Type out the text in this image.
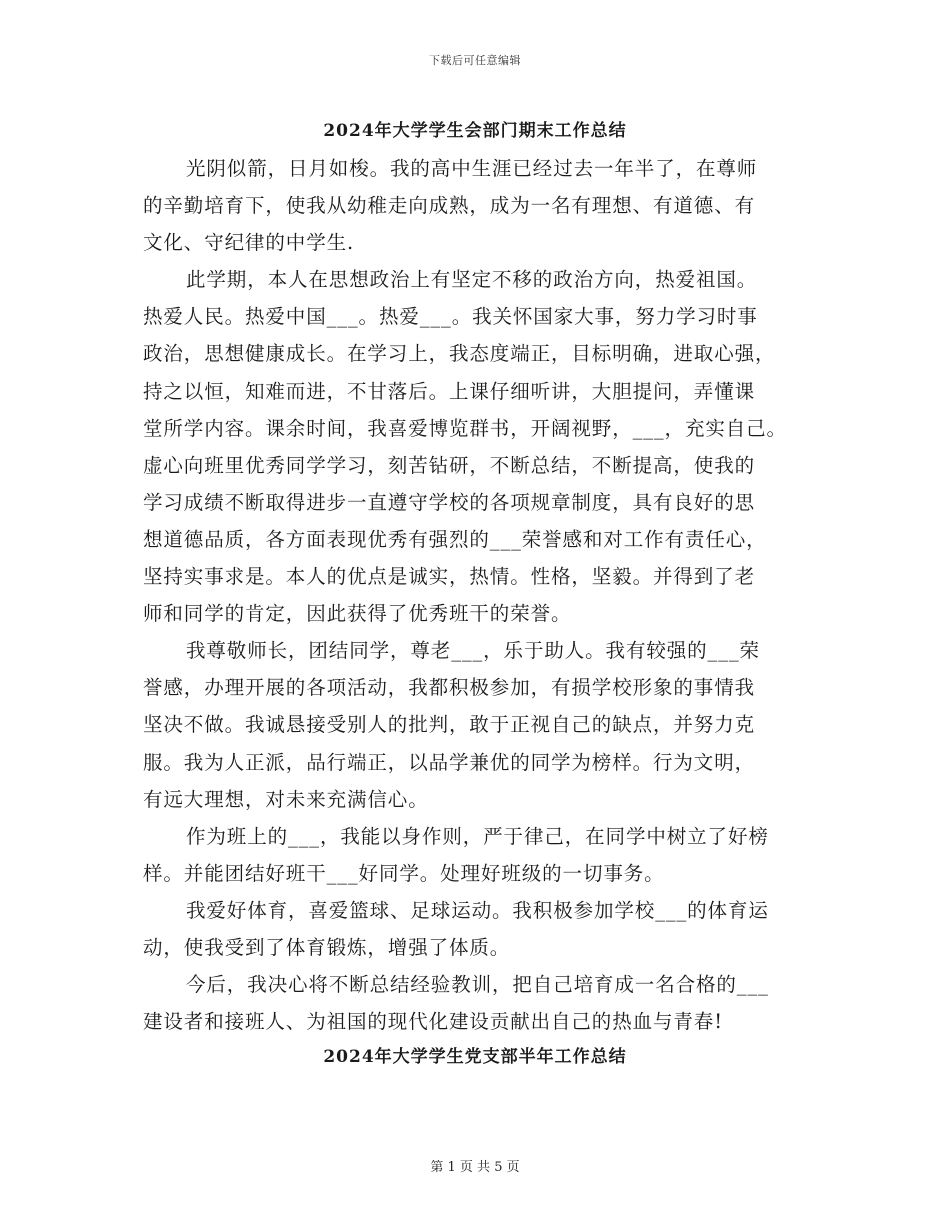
下载后可任意编辑
2024年大学学生会部门期末工作总结
光阴似箭，日月如梭。我的高中生涯已经过去一年半了，在尊师
的辛勤培育下，使我从幼稚走向成熟，成为一名有理想、有道德、有
文化、守纪律的中学生.
此学期，本人在思想政治上有坚定不移的政治方向，热爱祖国。
热爱人民。热爱中国___。热爱___。我关怀国家大事，努力学习时事
政治，思想健康成长。在学习上，我态度端正，目标明确，进取心强，
持之以恒，知难而进，不甘落后。上课仔细听讲，大胆提问，弄懂课
堂所学内容。课余时间，我喜爱博览群书，开阔视野，___，充实自己。
虚心向班里优秀同学学习，刻苦钻研，不断总结，不断提高，使我的
学习成绩不断取得进步一直遵守学校的各项规章制度，具有良好的思
想道德品质，各方面表现优秀有强烈的___荣誉感和对工作有责任心，
坚持实事求是。本人的优点是诚实，热情。性格，坚毅。并得到了老
师和同学的肯定，因此获得了优秀班干的荣誉。
我尊敬师长，团结同学，尊老___，乐于助人。我有较强的___荣
誉感，办理开展的各项活动，我都积极参加，有损学校形象的事情我
坚决不做。我诚恳接受别人的批判，敢于正视自己的缺点，并努力克
服。我为人正派，品行端正，以品学兼优的同学为榜样。行为文明，
有远大理想，对未来充满信心。
作为班上的___，我能以身作则，严于律己，在同学中树立了好榜
样。并能团结好班干___好同学。处理好班级的一切事务。
我爱好体育，喜爱篮球、足球运动。我积极参加学校___的体育运
动，使我受到了体育锻炼，增强了体质。
今后，我决心将不断总结经验教训，把自己培育成一名合格的___
建设者和接班人、为祖国的现代化建设贡献出自己的热血与青春!
2024年大学学生党支部半年工作总结
第 1 页 共 5 页
